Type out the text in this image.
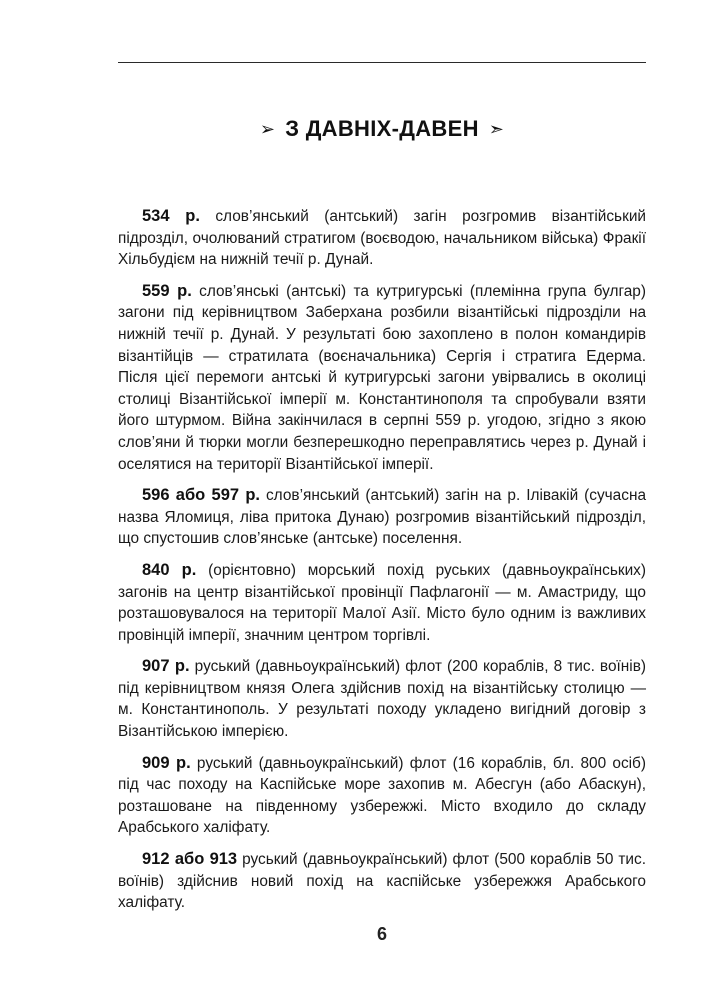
➢ З ДАВНІХ-ДАВЕН ➣

534 р. слов’янський (антський) загін розгромив візантійський підрозділ, очолюваний стратигом (воєводою, начальником війська) Фракії Хільбудієм на нижній течії р. Дунай.

559 р. слов’янські (антські) та кутригурські (племінна група булгар) загони під керівництвом Заберхана розбили візантійські підрозділи на нижній течії р. Дунай. У результаті бою захоплено в полон командирів візантійців — стратилата (воєначальника) Сергія і стратига Едерма. Після цієї перемоги антські й кутригурські загони увірвались в околиці столиці Візантійської імперії м. Константинополя та спробували взяти його штурмом. Війна закінчилася в серпні 559 р. угодою, згідно з якою слов’яни й тюрки могли безперешкодно переправлятись через р. Дунай і оселятися на території Візантійської імперії.

596 або 597 р. слов’янський (антський) загін на р. Ілівакій (сучасна назва Яломиця, ліва притока Дунаю) розгромив візантійський підрозділ, що спустошив слов’янське (антське) поселення.

840 р. (орієнтовно) морський похід руських (давньоукраїнських) загонів на центр візантійської провінції Пафлагонії — м. Амастриду, що розташовувалося на території Малої Азії. Місто було одним із важливих провінцій імперії, значним центром торгівлі.

907 р. руський (давньоукраїнський) флот (200 кораблів, 8 тис. воїнів) під керівництвом князя Олега здійснив похід на візантійську столицю — м. Константинополь. У результаті походу укладено вигідний договір з Візантійською імперією.

909 р. руський (давньоукраїнський) флот (16 кораблів, бл. 800 осіб) під час походу на Каспійське море захопив м. Абесгун (або Абаскун), розташоване на південному узбережжі. Місто входило до складу Арабського халіфату.

912 або 913 руський (давньоукраїнський) флот (500 кораблів 50 тис. воїнів) здійснив новий похід на каспійське узбережжя Арабського халіфату.

6
